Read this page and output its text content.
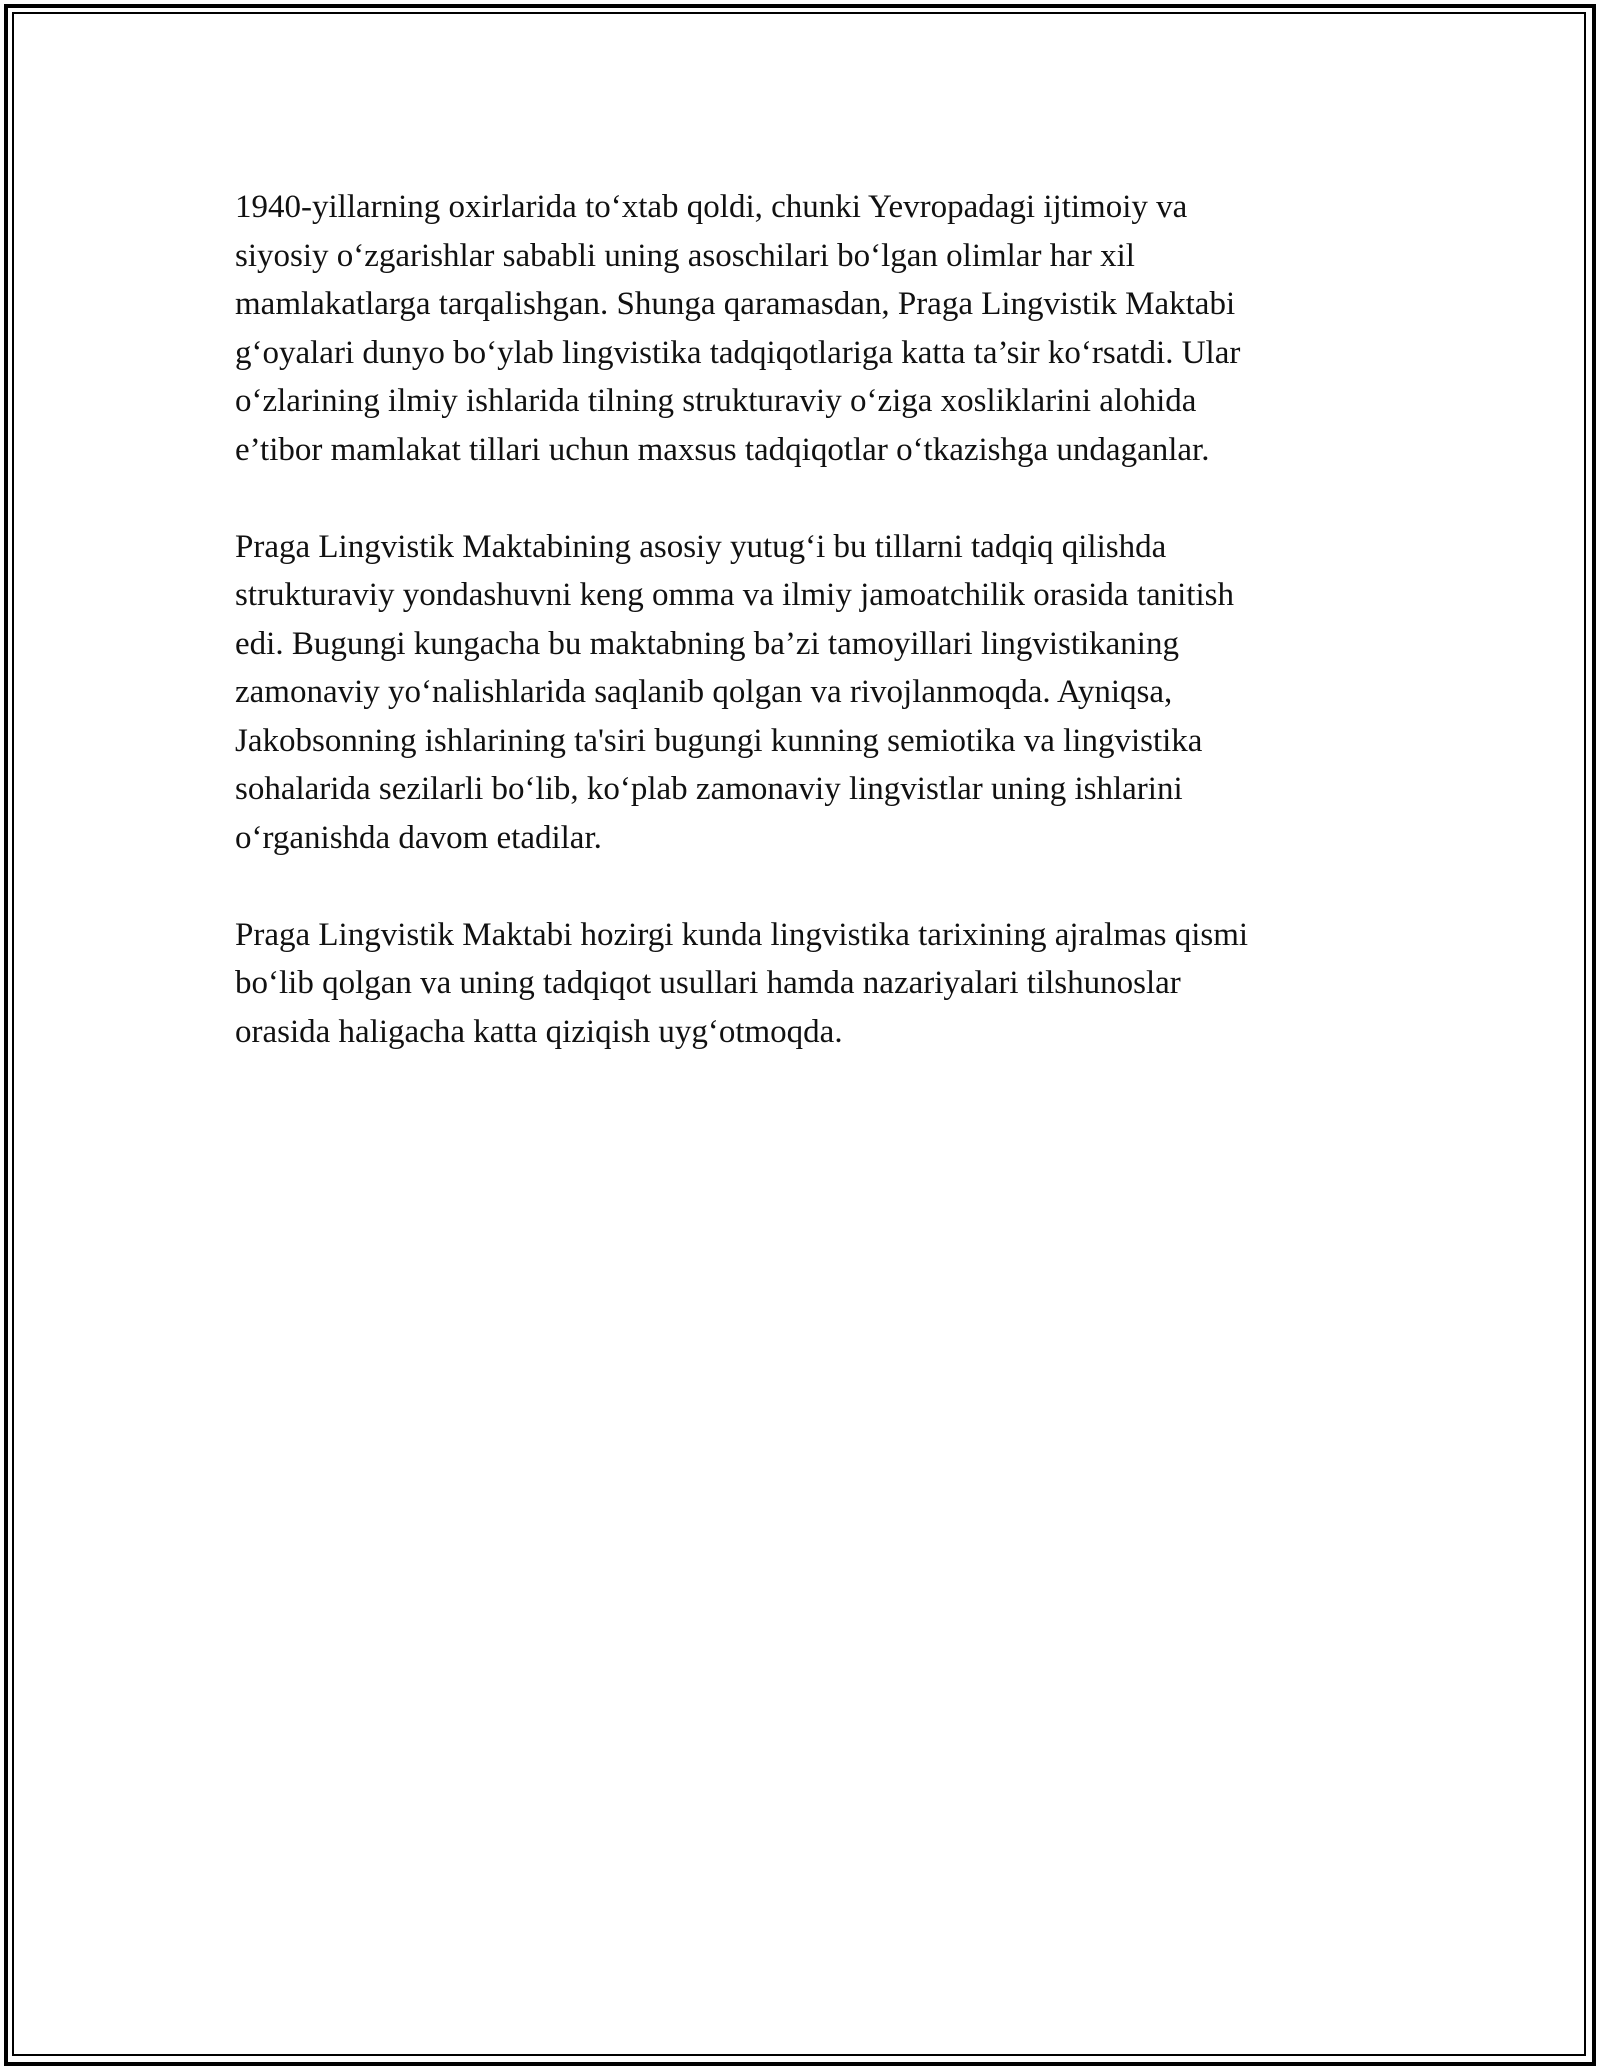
1940-yillarning oxirlarida to‘xtab qoldi, chunki Yevropadagi ijtimoiy va
siyosiy o‘zgarishlar sababli uning asoschilari bo‘lgan olimlar har xil
mamlakatlarga tarqalishgan. Shunga qaramasdan, Praga Lingvistik Maktabi
g‘oyalari dunyo bo‘ylab lingvistika tadqiqotlariga katta ta’sir ko‘rsatdi. Ular
o‘zlarining ilmiy ishlarida tilning strukturaviy o‘ziga xosliklarini alohida
e’tibor mamlakat tillari uchun maxsus tadqiqotlar o‘tkazishga undaganlar.

Praga Lingvistik Maktabining asosiy yutug‘i bu tillarni tadqiq qilishda
strukturaviy yondashuvni keng omma va ilmiy jamoatchilik orasida tanitish
edi. Bugungi kungacha bu maktabning ba’zi tamoyillari lingvistikaning
zamonaviy yo‘nalishlarida saqlanib qolgan va rivojlanmoqda. Ayniqsa,
Jakobsonning ishlarining ta'siri bugungi kunning semiotika va lingvistika
sohalarida sezilarli bo‘lib, ko‘plab zamonaviy lingvistlar uning ishlarini
o‘rganishda davom etadilar.

Praga Lingvistik Maktabi hozirgi kunda lingvistika tarixining ajralmas qismi
bo‘lib qolgan va uning tadqiqot usullari hamda nazariyalari tilshunoslar
orasida haligacha katta qiziqish uyg‘otmoqda.
